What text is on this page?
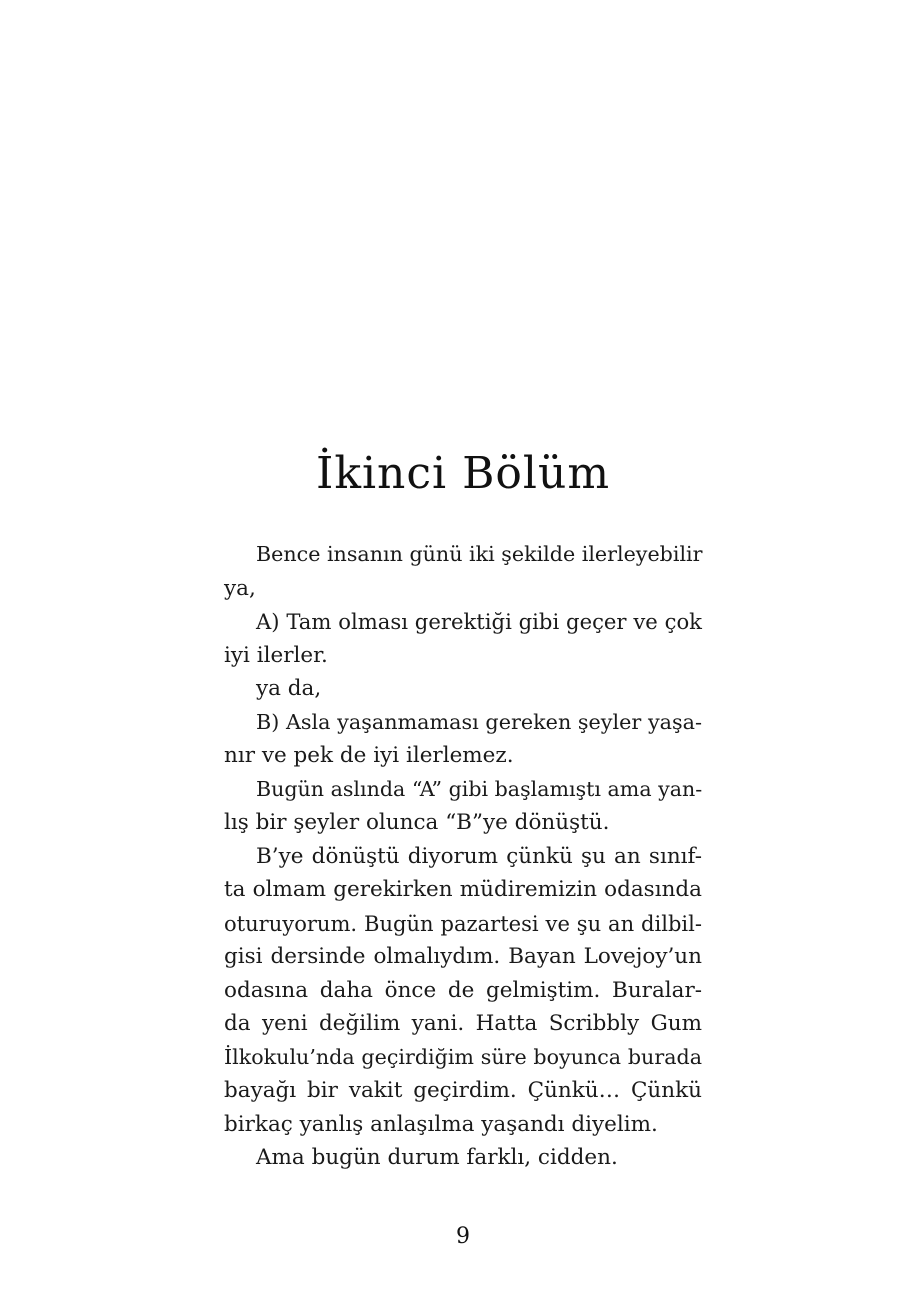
İkinci Bölüm
Bence insanın günü iki şekilde ilerleyebilir
ya,
A) Tam olması gerektiği gibi geçer ve çok
iyi ilerler.
ya da,
B) Asla yaşanmaması gereken şeyler yaşa-
nır ve pek de iyi ilerlemez.
Bugün aslında “A” gibi başlamıştı ama yan-
lış bir şeyler olunca “B”ye dönüştü.
B’ye dönüştü diyorum çünkü şu an sınıf-
ta olmam gerekirken müdiremizin odasında
oturuyorum. Bugün pazartesi ve şu an dilbil-
gisi dersinde olmalıydım. Bayan Lovejoy’un
odasına daha önce de gelmiştim. Buralar-
da yeni değilim yani. Hatta Scribbly Gum
İlkokulu’nda geçirdiğim süre boyunca burada
bayağı bir vakit geçirdim. Çünkü… Çünkü
birkaç yanlış anlaşılma yaşandı diyelim.
Ama bugün durum farklı, cidden.
9
